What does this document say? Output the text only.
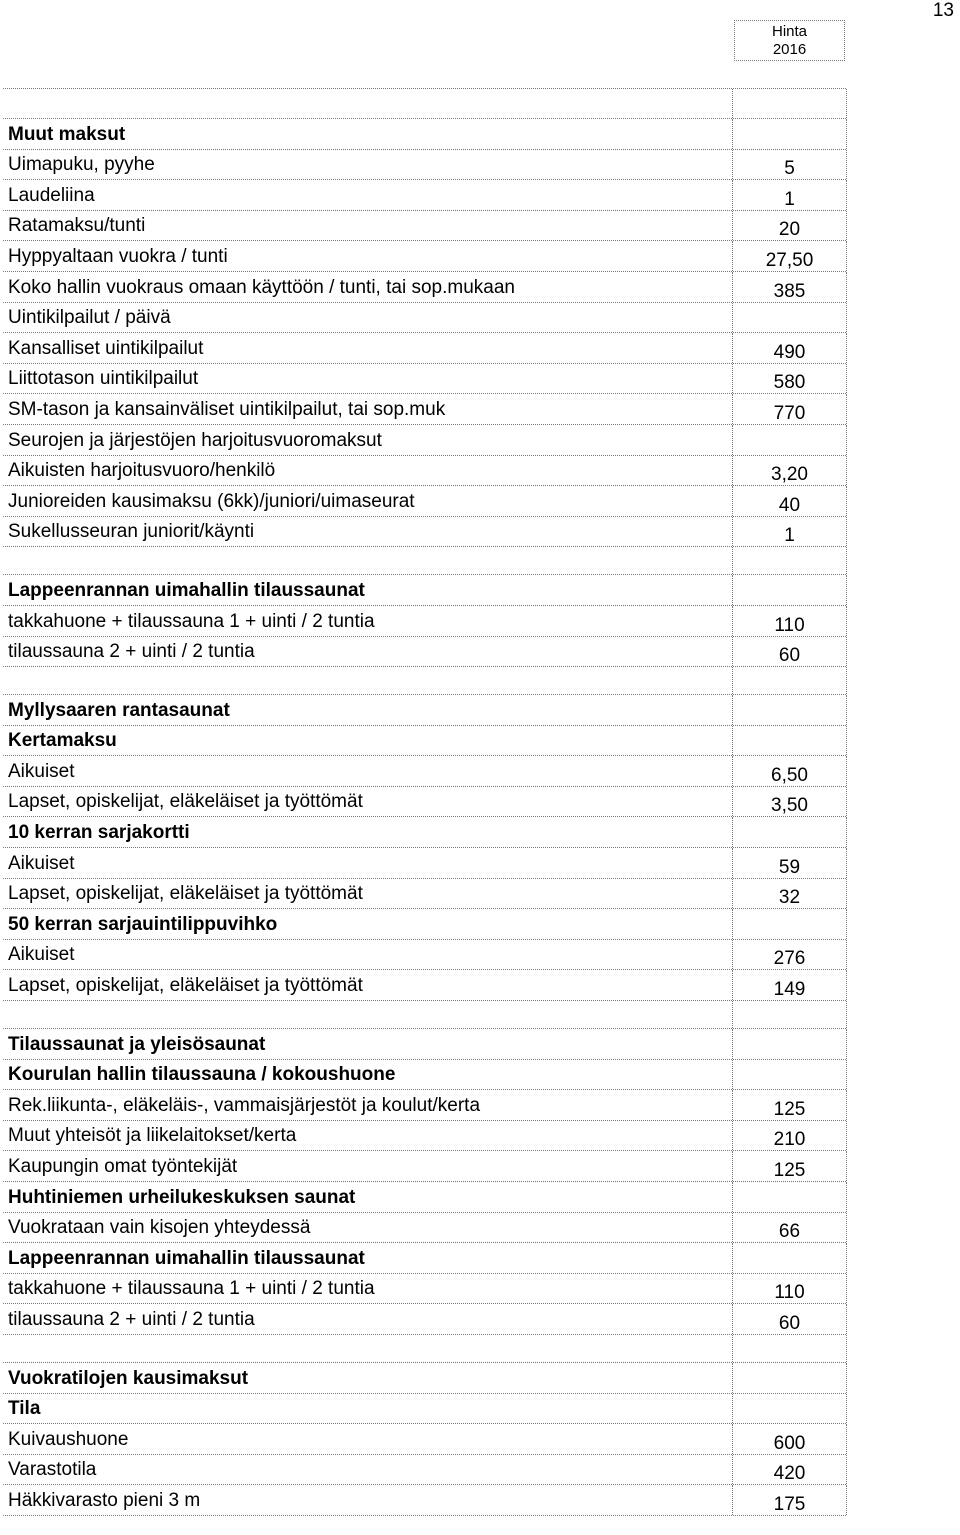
13
Hinta
2016
Muut maksut
Uimapuku, pyyhe	5
Laudeliina	1
Ratamaksu/tunti	20
Hyppyaltaan vuokra / tunti	27,50
Koko hallin vuokraus omaan käyttöön / tunti, tai sop.mukaan	385
Uintikilpailut / päivä
Kansalliset uintikilpailut	490
Liittotason uintikilpailut	580
SM-tason ja kansainväliset uintikilpailut, tai sop.muk	770
Seurojen ja järjestöjen harjoitusvuoromaksut
Aikuisten harjoitusvuoro/henkilö	3,20
Junioreiden kausimaksu (6kk)/juniori/uimaseurat	40
Sukellusseuran juniorit/käynti	1
Lappeenrannan uimahallin tilaussaunat
takkahuone + tilaussauna 1 + uinti / 2 tuntia	110
tilaussauna 2 + uinti / 2 tuntia	60
Myllysaaren rantasaunat
Kertamaksu
Aikuiset	6,50
Lapset, opiskelijat, eläkeläiset ja työttömät	3,50
10 kerran sarjakortti
Aikuiset	59
Lapset, opiskelijat, eläkeläiset ja työttömät	32
50 kerran sarjauintilippuvihko
Aikuiset	276
Lapset, opiskelijat, eläkeläiset ja työttömät	149
Tilaussaunat ja yleisösaunat
Kourulan hallin tilaussauna / kokoushuone
Rek.liikunta-, eläkeläis-, vammaisjärjestöt ja koulut/kerta	125
Muut yhteisöt ja liikelaitokset/kerta	210
Kaupungin omat työntekijät	125
Huhtiniemen urheilukeskuksen saunat
Vuokrataan vain kisojen yhteydessä	66
Lappeenrannan uimahallin tilaussaunat
takkahuone + tilaussauna 1 + uinti / 2 tuntia	110
tilaussauna 2 + uinti / 2 tuntia	60
Vuokratilojen kausimaksut
Tila
Kuivaushuone	600
Varastotila	420
Häkkivarasto pieni 3 m	175
